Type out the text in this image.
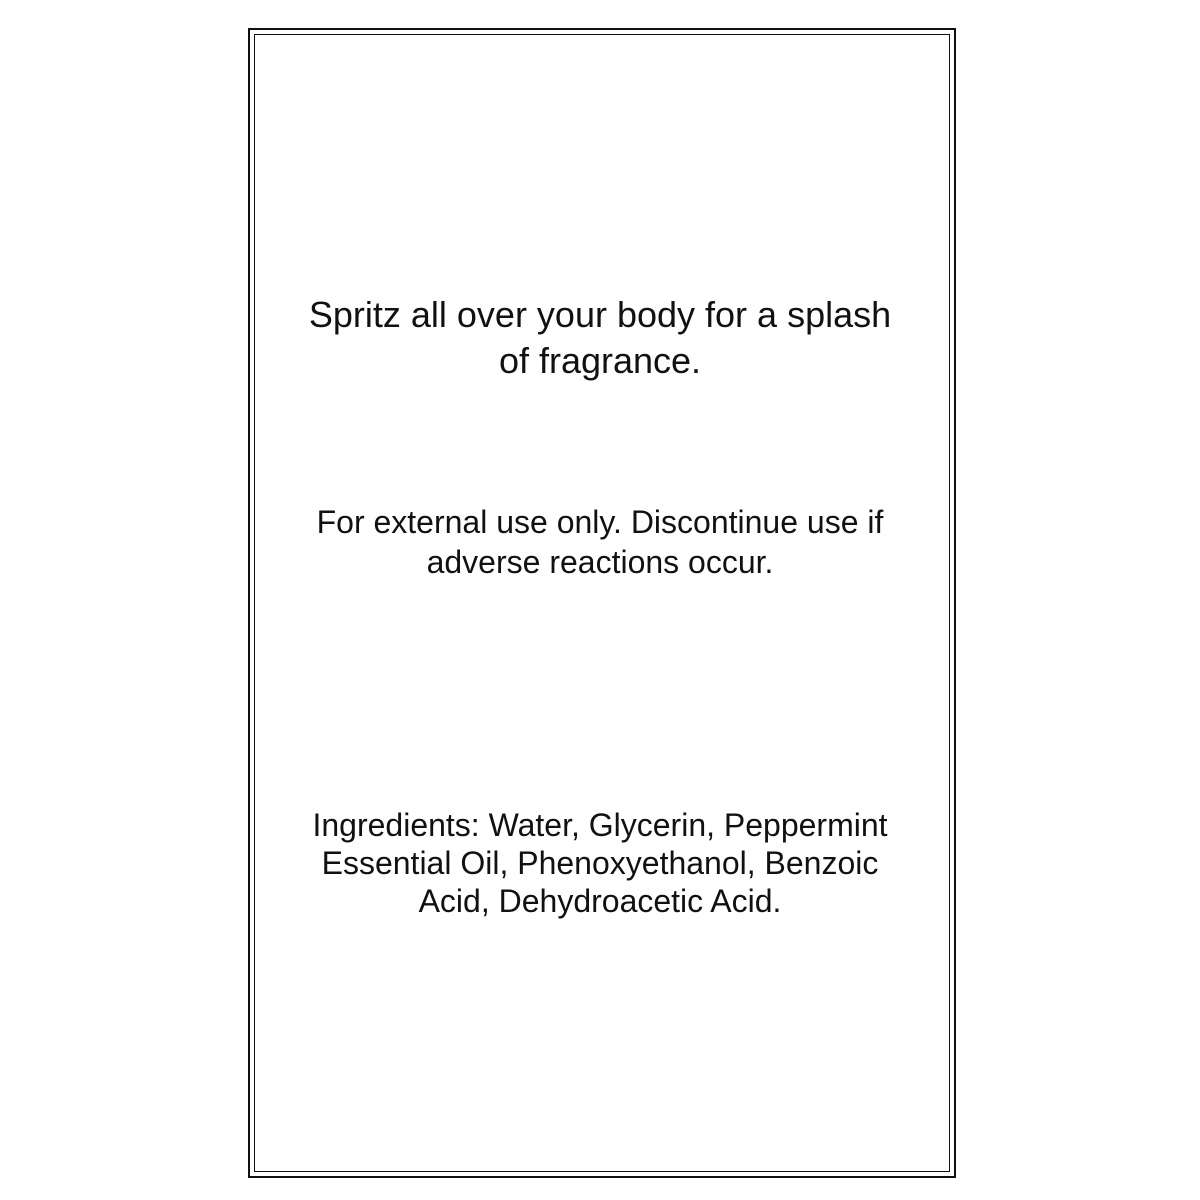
Spritz all over your body for a splash
of fragrance.
For external use only. Discontinue use if
adverse reactions occur.
Ingredients: Water, Glycerin, Peppermint
Essential Oil, Phenoxyethanol, Benzoic
Acid, Dehydroacetic Acid.
